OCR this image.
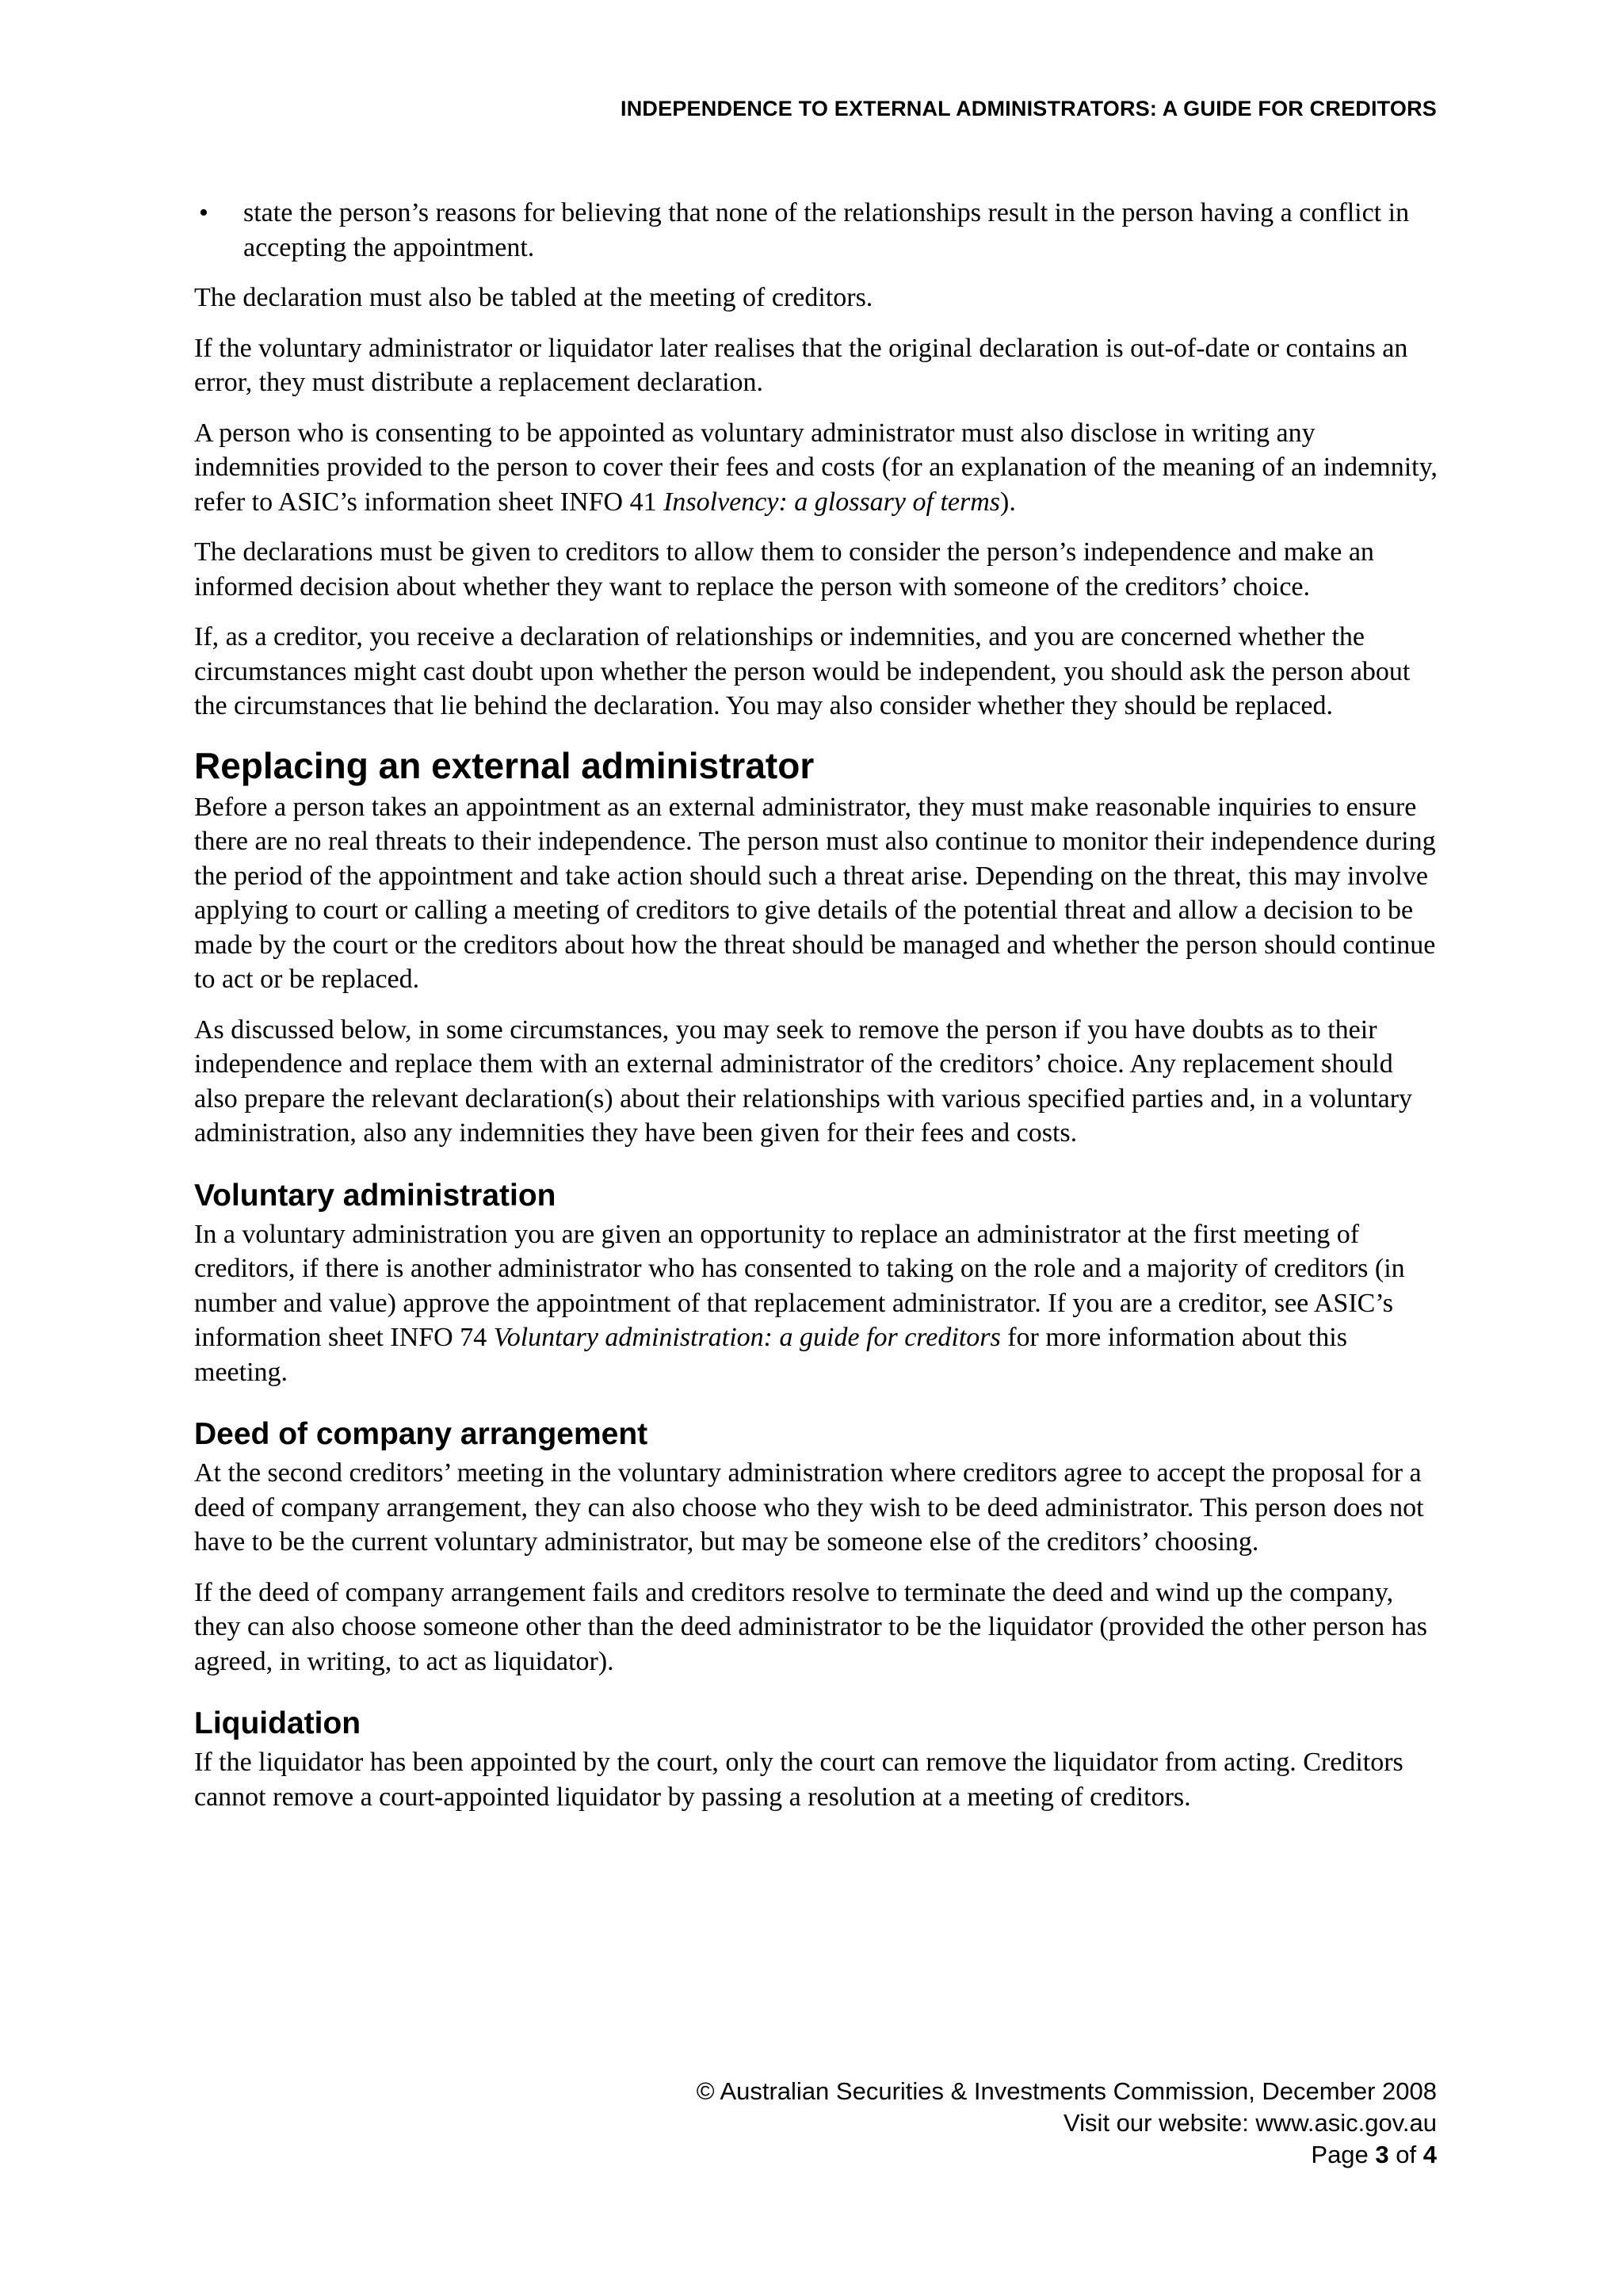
INDEPENDENCE TO EXTERNAL ADMINISTRATORS: A GUIDE FOR CREDITORS
• state the person’s reasons for believing that none of the relationships result in the person having a conflict in accepting the appointment.

The declaration must also be tabled at the meeting of creditors.

If the voluntary administrator or liquidator later realises that the original declaration is out-of-date or contains an error, they must distribute a replacement declaration.

A person who is consenting to be appointed as voluntary administrator must also disclose in writing any indemnities provided to the person to cover their fees and costs (for an explanation of the meaning of an indemnity, refer to ASIC’s information sheet INFO 41 Insolvency: a glossary of terms).

The declarations must be given to creditors to allow them to consider the person’s independence and make an informed decision about whether they want to replace the person with someone of the creditors’ choice.

If, as a creditor, you receive a declaration of relationships or indemnities, and you are concerned whether the circumstances might cast doubt upon whether the person would be independent, you should ask the person about the circumstances that lie behind the declaration. You may also consider whether they should be replaced.

Replacing an external administrator

Before a person takes an appointment as an external administrator, they must make reasonable inquiries to ensure there are no real threats to their independence. The person must also continue to monitor their independence during the period of the appointment and take action should such a threat arise. Depending on the threat, this may involve applying to court or calling a meeting of creditors to give details of the potential threat and allow a decision to be made by the court or the creditors about how the threat should be managed and whether the person should continue to act or be replaced.

As discussed below, in some circumstances, you may seek to remove the person if you have doubts as to their independence and replace them with an external administrator of the creditors’ choice. Any replacement should also prepare the relevant declaration(s) about their relationships with various specified parties and, in a voluntary administration, also any indemnities they have been given for their fees and costs.

Voluntary administration

In a voluntary administration you are given an opportunity to replace an administrator at the first meeting of creditors, if there is another administrator who has consented to taking on the role and a majority of creditors (in number and value) approve the appointment of that replacement administrator. If you are a creditor, see ASIC’s information sheet INFO 74 Voluntary administration: a guide for creditors for more information about this meeting.

Deed of company arrangement

At the second creditors’ meeting in the voluntary administration where creditors agree to accept the proposal for a deed of company arrangement, they can also choose who they wish to be deed administrator. This person does not have to be the current voluntary administrator, but may be someone else of the creditors’ choosing.

If the deed of company arrangement fails and creditors resolve to terminate the deed and wind up the company, they can also choose someone other than the deed administrator to be the liquidator (provided the other person has agreed, in writing, to act as liquidator).

Liquidation

If the liquidator has been appointed by the court, only the court can remove the liquidator from acting. Creditors cannot remove a court-appointed liquidator by passing a resolution at a meeting of creditors.

© Australian Securities & Investments Commission, December 2008
Visit our website: www.asic.gov.au
Page 3 of 4
